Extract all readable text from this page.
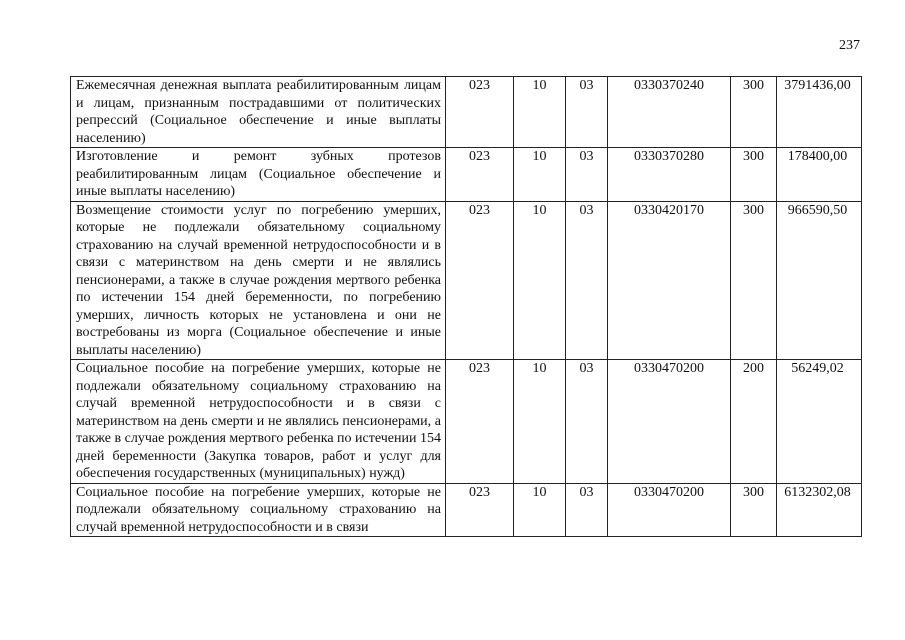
237
Ежемесячная денежная выплата реабилитированным лицам и лицам, признанным пострадавшими от политических репрессий (Социальное обеспечение и иные выплаты населению)	023	10	03	0330370240	300	3791436,00
Изготовление и ремонт зубных протезов реабилитированным лицам (Социальное обеспечение и иные выплаты населению)	023	10	03	0330370280	300	178400,00
Возмещение стоимости услуг по погребению умерших, которые не подлежали обязательному социальному страхованию на случай временной нетрудоспособности и в связи с материнством на день смерти и не являлись пенсионерами, а также в случае рождения мертвого ребенка по истечении 154 дней беременности, по погребению умерших, личность которых не установлена и они не востребованы из морга (Социальное обеспечение и иные выплаты населению)	023	10	03	0330420170	300	966590,50
Социальное пособие на погребение умерших, которые не подлежали обязательному социальному страхованию на случай временной нетрудоспособности и в связи с материнством на день смерти и не являлись пенсионерами, а также в случае рождения мертвого ребенка по истечении 154 дней беременности (Закупка товаров, работ и услуг для обеспечения государственных (муниципальных) нужд)	023	10	03	0330470200	200	56249,02
Социальное пособие на погребение умерших, которые не подлежали обязательному социальному страхованию на случай временной нетрудоспособности и в связи	023	10	03	0330470200	300	6132302,08
